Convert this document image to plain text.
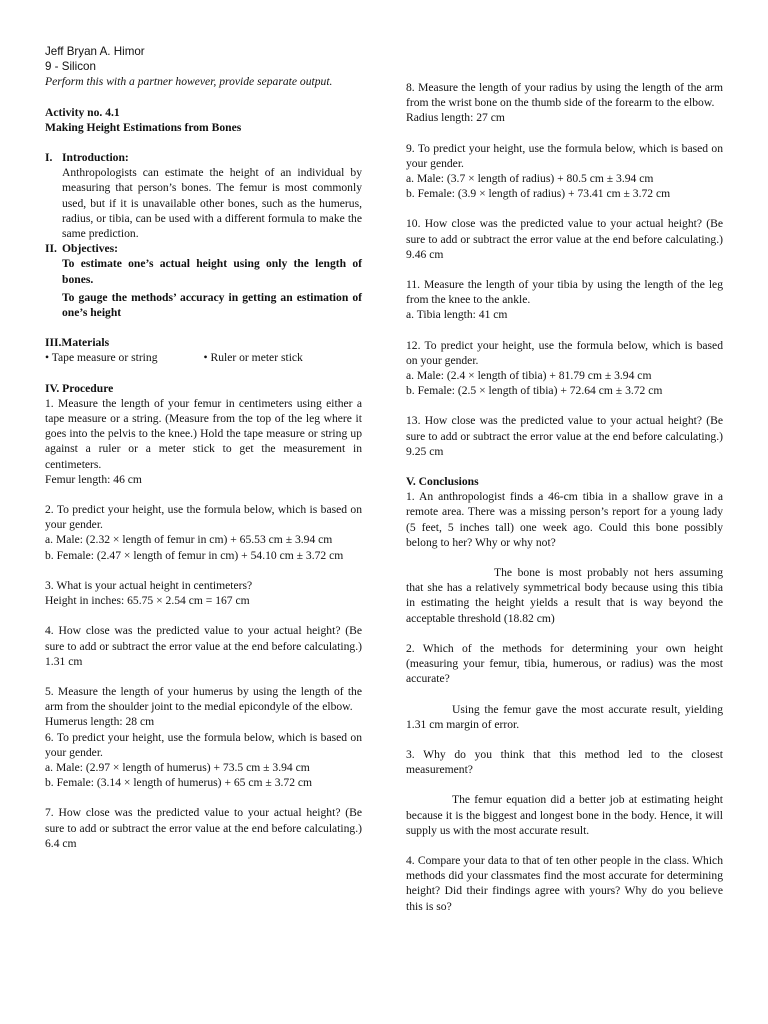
Jeff Bryan A. Himor

9 - Silicon

Perform this with a partner however, provide separate output.

Activity no. 4.1

Making Height Estimations from Bones

I. Introduction:

Anthropologists can estimate the height of an individual by measuring that person’s bones. The femur is most commonly used, but if it is unavailable other bones, such as the humerus, radius, or tibia, can be used with a different formula to make the same prediction.

II. Objectives:

To estimate one’s actual height using only the length of bones.

To gauge the methods’ accuracy in getting an estimation of one’s height

III.Materials

• Tape measure or string	• Ruler or meter stick

IV. Procedure

1. Measure the length of your femur in centimeters using either a tape measure or a string. (Measure from the top of the leg where it goes into the pelvis to the knee.) Hold the tape measure or string up against a ruler or a meter stick to get the measurement in centimeters.

Femur length: 46 cm

2. To predict your height, use the formula below, which is based on your gender.

a. Male: (2.32 × length of femur in cm) + 65.53 cm ± 3.94 cm

b. Female: (2.47 × length of femur in cm) + 54.10 cm ± 3.72 cm

3. What is your actual height in centimeters?

Height in inches: 65.75 × 2.54 cm = 167 cm

4. How close was the predicted value to your actual height? (Be sure to add or subtract the error value at the end before calculating.) 1.31 cm

5. Measure the length of your humerus by using the length of the arm from the shoulder joint to the medial epicondyle of the elbow.

Humerus length: 28 cm

6. To predict your height, use the formula below, which is based on your gender.

a. Male: (2.97 × length of humerus) + 73.5 cm ± 3.94 cm

b. Female: (3.14 × length of humerus) + 65 cm ± 3.72 cm

7. How close was the predicted value to your actual height? (Be sure to add or subtract the error value at the end before calculating.) 6.4 cm

8. Measure the length of your radius by using the length of the arm from the wrist bone on the thumb side of the forearm to the elbow.

Radius length: 27 cm

9. To predict your height, use the formula below, which is based on your gender.

a. Male: (3.7 × length of radius) + 80.5 cm ± 3.94 cm

b. Female: (3.9 × length of radius) + 73.41 cm ± 3.72 cm

10. How close was the predicted value to your actual height? (Be sure to add or subtract the error value at the end before calculating.) 9.46 cm

11. Measure the length of your tibia by using the length of the leg from the knee to the ankle.

a. Tibia length: 41 cm

12. To predict your height, use the formula below, which is based on your gender.

a. Male: (2.4 × length of tibia) + 81.79 cm ± 3.94 cm

b. Female: (2.5 × length of tibia) + 72.64 cm ± 3.72 cm

13. How close was the predicted value to your actual height? (Be sure to add or subtract the error value at the end before calculating.) 9.25 cm

V. Conclusions

1. An anthropologist finds a 46-cm tibia in a shallow grave in a remote area. There was a missing person’s report for a young lady (5 feet, 5 inches tall) one week ago. Could this bone possibly belong to her? Why or why not?

The bone is most probably not hers assuming that she has a relatively symmetrical body because using this tibia in estimating the height yields a result that is way beyond the acceptable threshold (18.82 cm)

2. Which of the methods for determining your own height (measuring your femur, tibia, humerous, or radius) was the most accurate?

Using the femur gave the most accurate result, yielding 1.31 cm margin of error.

3. Why do you think that this method led to the closest measurement?

The femur equation did a better job at estimating height because it is the biggest and longest bone in the body. Hence, it will supply us with the most accurate result.

4. Compare your data to that of ten other people in the class. Which methods did your classmates find the most accurate for determining height? Did their findings agree with yours? Why do you believe this is so?
